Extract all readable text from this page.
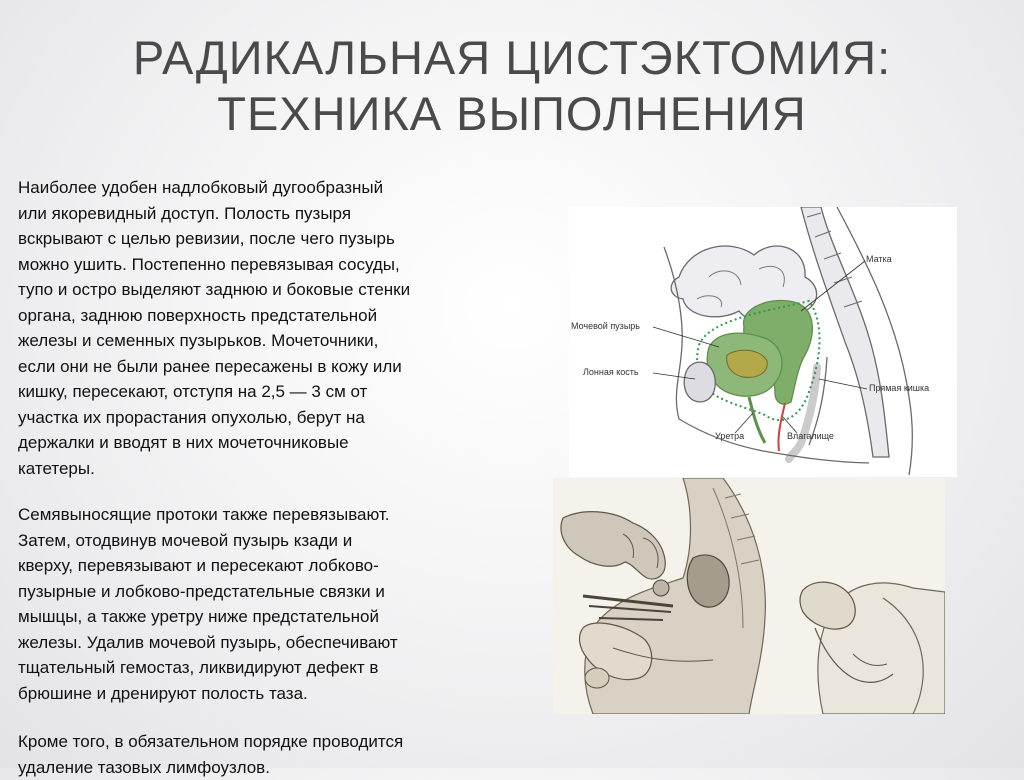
РАДИКАЛЬНАЯ ЦИСТЭКТОМИЯ:
ТЕХНИКА ВЫПОЛНЕНИЯ
Наиболее удобен надлобковый дугообразный
или якоревидный доступ. Полость пузыря
вскрывают с целью ревизии, после чего пузырь
можно ушить. Постепенно перевязывая сосуды,
тупо и остро выделяют заднюю и боковые стенки
органа, заднюю поверхность предстательной
железы и семенных пузырьков. Мочеточники,
если они не были ранее пересажены в кожу или
кишку, пересекают, отступя на 2,5 — 3 см от
участка их прорастания опухолью, берут на
держалки и вводят в них мочеточниковые
катетеры.
Семявыносящие протоки также перевязывают.
Затем, отодвинув мочевой пузырь кзади и
кверху, перевязывают и пересекают лобково-
пузырные и лобково-предстательные связки и
мышцы, а также уретру ниже предстательной
железы. Удалив мочевой пузырь, обеспечивают
тщательный гемостаз, ликвидируют дефект в
брюшине и дренируют полость таза.
Кроме того, в обязательном порядке проводится
удаление тазовых лимфоузлов.
Матка
Мочевой пузырь
Лонная кость
Прямая кишка
Уретра	Влагалище
